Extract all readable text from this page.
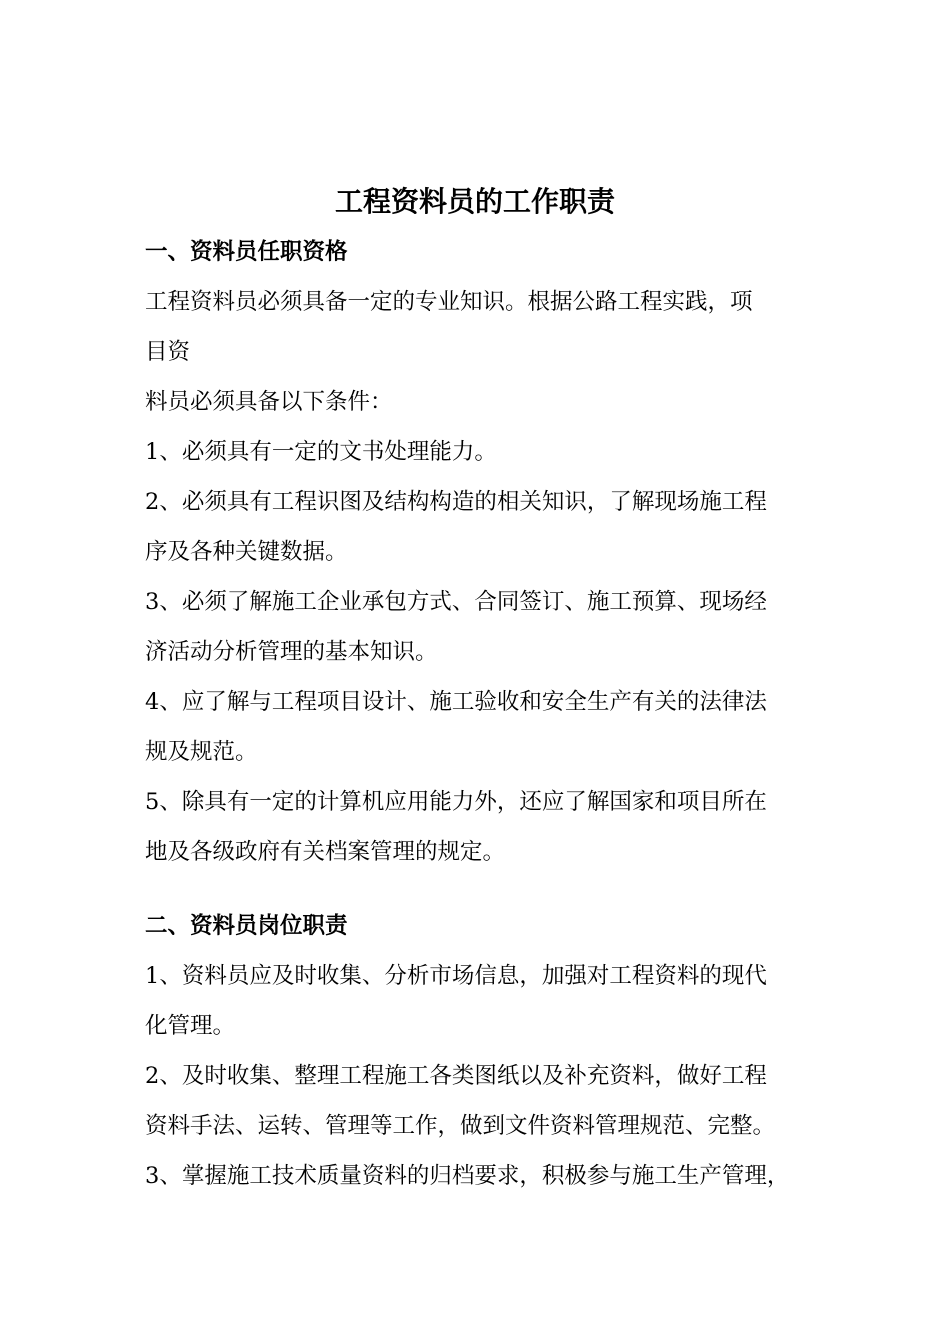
工程资料员的工作职责
一、资料员任职资格
工程资料员必须具备一定的专业知识。根据公路工程实践，项
目资
料员必须具备以下条件：
1、必须具有一定的文书处理能力。
2、必须具有工程识图及结构构造的相关知识，了解现场施工程
序及各种关键数据。
3、必须了解施工企业承包方式、合同签订、施工预算、现场经
济活动分析管理的基本知识。
4、应了解与工程项目设计、施工验收和安全生产有关的法律法
规及规范。
5、除具有一定的计算机应用能力外，还应了解国家和项目所在
地及各级政府有关档案管理的规定。
二、资料员岗位职责
1、资料员应及时收集、分析市场信息，加强对工程资料的现代
化管理。
2、及时收集、整理工程施工各类图纸以及补充资料，做好工程
资料手法、运转、管理等工作，做到文件资料管理规范、完整。
3、掌握施工技术质量资料的归档要求，积极参与施工生产管理，
